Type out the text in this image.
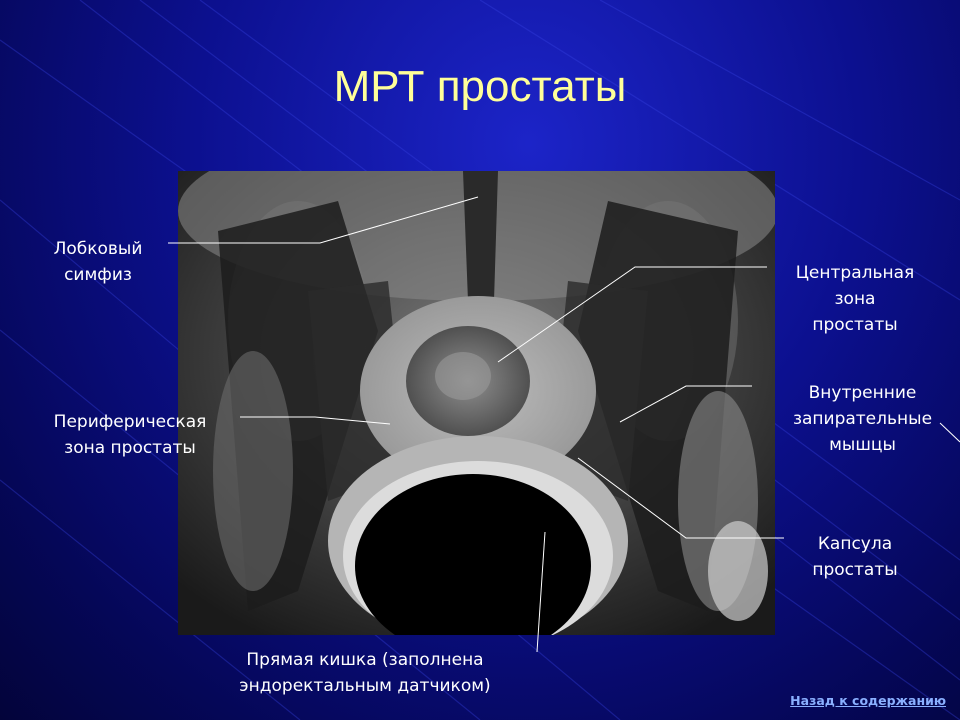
МРТ простаты
Лобковый
симфиз	Центральная
зона
простаты
Периферическая
зона простаты
Внутренние
запирательные
мышцы
Капсула
простаты
Прямая кишка (заполнена
эндоректальным датчиком)
Назад к содержанию
